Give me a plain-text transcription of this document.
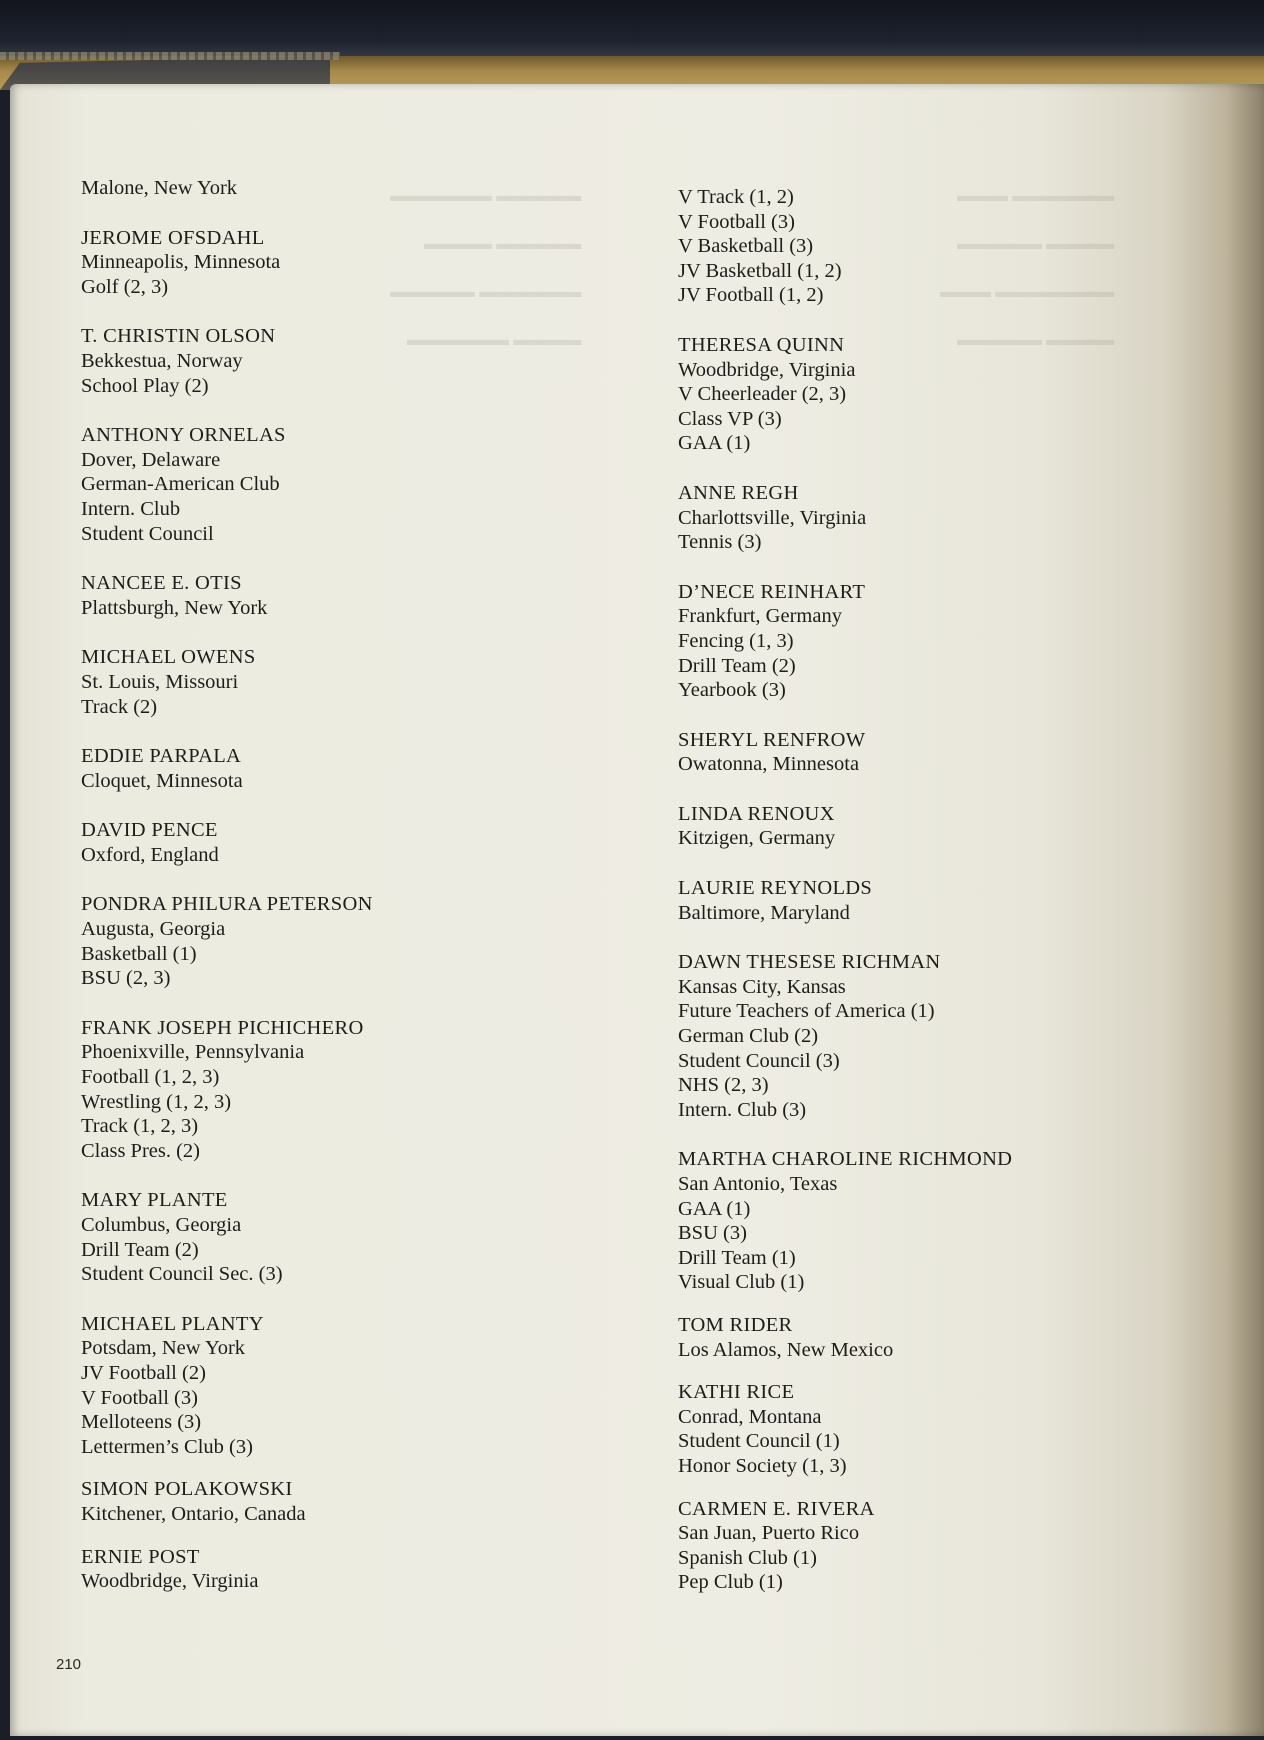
▬▬▬▬▬ ▬▬▬▬▬▬

▬▬▬▬▬ ▬▬▬▬

▬▬▬▬▬▬ ▬▬▬▬▬

▬▬▬▬ ▬▬▬▬▬▬
▬▬▬▬▬▬ ▬▬▬

▬▬▬▬ ▬▬▬▬▬

▬▬▬▬▬▬▬ ▬▬▬

▬▬▬▬ ▬▬▬▬▬
Malone, New York
JEROME OFSDAHL
Minneapolis, Minnesota
Golf (2, 3)
T. CHRISTIN OLSON
Bekkestua, Norway
School Play (2)
ANTHONY ORNELAS
Dover, Delaware
German-American Club
Intern. Club
Student Council
NANCEE E. OTIS
Plattsburgh, New York
MICHAEL OWENS
St. Louis, Missouri
Track (2)
EDDIE PARPALA
Cloquet, Minnesota
DAVID PENCE
Oxford, England
PONDRA PHILURA PETERSON
Augusta, Georgia
Basketball (1)
BSU (2, 3)
FRANK JOSEPH PICHICHERO
Phoenixville, Pennsylvania
Football (1, 2, 3)
Wrestling (1, 2, 3)
Track (1, 2, 3)
Class Pres. (2)
MARY PLANTE
Columbus, Georgia
Drill Team (2)
Student Council Sec. (3)
MICHAEL PLANTY
Potsdam, New York
JV Football (2)
V Football (3)
Melloteens (3)
Lettermen’s Club (3)
SIMON POLAKOWSKI
Kitchener, Ontario, Canada
ERNIE POST
Woodbridge, Virginia
V Track (1, 2)
V Football (3)
V Basketball (3)
JV Basketball (1, 2)
JV Football (1, 2)
THERESA QUINN
Woodbridge, Virginia
V Cheerleader (2, 3)
Class VP (3)
GAA (1)
ANNE REGH
Charlottsville, Virginia
Tennis (3)
D’NECE REINHART
Frankfurt, Germany
Fencing (1, 3)
Drill Team (2)
Yearbook (3)
SHERYL RENFROW
Owatonna, Minnesota
LINDA RENOUX
Kitzigen, Germany
LAURIE REYNOLDS
Baltimore, Maryland
DAWN THESESE RICHMAN
Kansas City, Kansas
Future Teachers of America (1)
German Club (2)
Student Council (3)
NHS (2, 3)
Intern. Club (3)
MARTHA CHAROLINE RICHMOND
San Antonio, Texas
GAA (1)
BSU (3)
Drill Team (1)
Visual Club (1)
TOM RIDER
Los Alamos, New Mexico
KATHI RICE
Conrad, Montana
Student Council (1)
Honor Society (1, 3)
CARMEN E. RIVERA
San Juan, Puerto Rico
Spanish Club (1)
Pep Club (1)
210
